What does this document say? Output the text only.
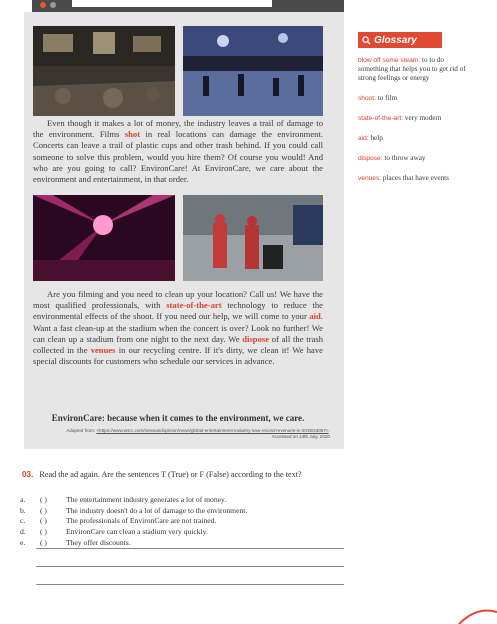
Even though it makes a lot of money, the industry leaves a trail of damage to the environment. Films shot in real locations can damage the environment. Concerts can leave a trail of plastic cups and other trash behind. If you could call someone to solve this problem, would you hire them? Of course you would! And who are you going to call? EnvironCare! At EnvironCare, we care about the environment and entertainment, in that order.
Are you filming and you need to clean up your location? Call us! We have the most qualified professionals, with state-of-the-art technology to reduce the environmental effects of the shoot. If you need our help, we will come to your aid. Want a fast clean-up at the stadium when the concert is over? Look no further! We can clean up a stadium from one night to the next day. We dispose of all the trash collected in the venues in our recycling centre. If it's dirty, we clean it! We have special discounts for customers who schedule our services in advance.
EnvironCare: because when it comes to the environment, we care.
Adapted from: <https://www.wsrc.com/newsandopinion/news/global-entertainment-industry-saw-record-revenues-in-2019/43067>. Accessed on 14th July, 2020
Glossary
blow off some steam: to to do something that helps you to get rid of strong feelings or energy
shoot: to film
state-of-the-art: very modern
aid: help
dispose: to throw away
venues: places that have events
03. Read the ad again. Are the sentences T (True) or F (False) according to the text?
a.	( )	The entertainment industry generates a lot of money.
b.	( )	The industry doesn't do a lot of damage to the environment.
c.	( )	The professionals of EnvironCare are not trained.
d.	( )	EnvironCare can clean a stadium very quickly.
e.	( )	They offer discounts.
